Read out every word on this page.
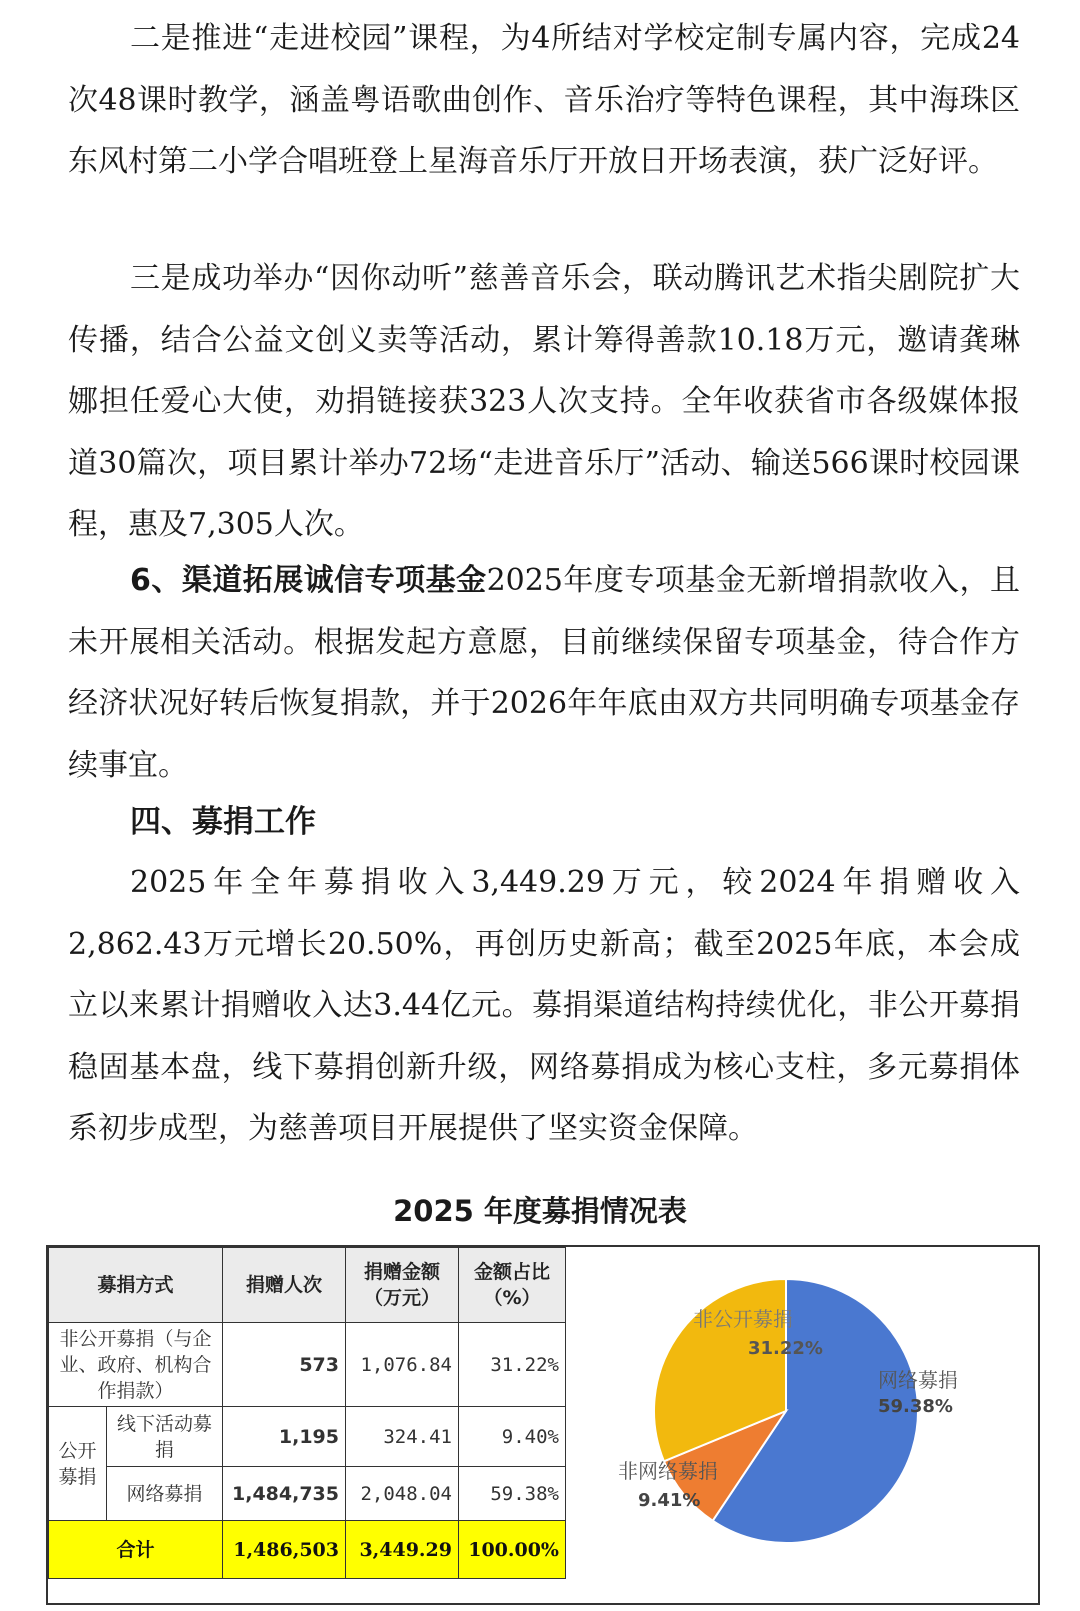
二是推进“走进校园”课程，为4所结对学校定制专属内容，完成24次48课时教学，涵盖粤语歌曲创作、音乐治疗等特色课程，其中海珠区东风村第二小学合唱班登上星海音乐厅开放日开场表演，获广泛好评。

三是成功举办“因你动听”慈善音乐会，联动腾讯艺术指尖剧院扩大传播，结合公益文创义卖等活动，累计筹得善款10.18万元，邀请龚琳娜担任爱心大使，劝捐链接获323人次支持。全年收获省市各级媒体报道30篇次，项目累计举办72场“走进音乐厅”活动、输送566课时校园课程，惠及7,305人次。

6、渠道拓展诚信专项基金2025年度专项基金无新增捐款收入，且未开展相关活动。根据发起方意愿，目前继续保留专项基金，待合作方经济状况好转后恢复捐款，并于2026年年底由双方共同明确专项基金存续事宜。

四、募捐工作

2025年全年募捐收入3,449.29万元，较2024年捐赠收入2,862.43万元增长20.50%，再创历史新高；截至2025年底，本会成立以来累计捐赠收入达3.44亿元。募捐渠道结构持续优化，非公开募捐稳固基本盘，线下募捐创新升级，网络募捐成为核心支柱，多元募捐体系初步成型，为慈善项目开展提供了坚实资金保障。

2025 年度募捐情况表
募捐方式		捐赠人次	捐赠金额（万元）	金额占比（%）
非公开募捐（与企业、政府、机构合作捐款）		573	1,076.84	31.22%
公开募捐	线下活动募捐	1,195	324.41	9.40%
	网络募捐	1,484,735	2,048.04	59.38%
合计		1,486,503	3,449.29	100.00%
网络募捐
59.38%
非网络募捐
9.41%
非公开募捐
31.22%
